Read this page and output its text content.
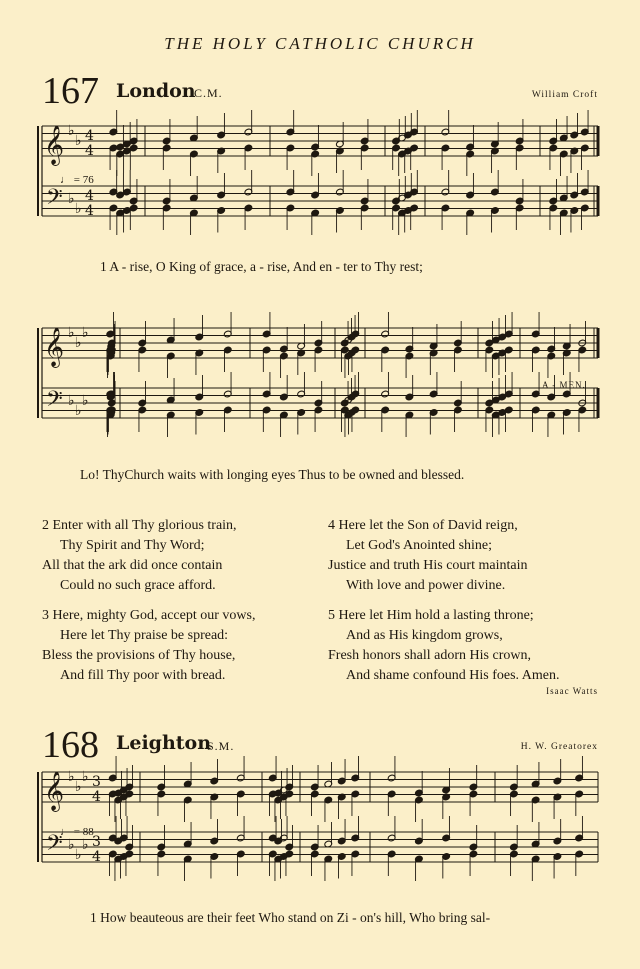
THE HOLY CATHOLIC CHURCH
167 London
C.M.	William Croft
♩ = 76
168 Leighton
S.M.	H. W. Greatorex
♩ = 88
𝄞
𝄢
♭
♭
♭
♭
4
4
4
4
𝄞
𝄢
♭
♭
♭
♭
♭
♭
𝄞
𝄢
♭
♭
♭
♭
♭
♭
3
4
3
4
1 A - rise, O King of grace, a - rise, And en - ter to Thy rest;
Lo! ThyChurch waits with longing eyes Thus to be owned and blessed.
A - MEN.
2 Enter with all Thy glorious train,
Thy Spirit and Thy Word;
All that the ark did once contain
Could no such grace afford.
3 Here, mighty God, accept our vows,
Here let Thy praise be spread:
Bless the provisions of Thy house,
And fill Thy poor with bread.
4 Here let the Son of David reign,
Let God's Anointed shine;
Justice and truth His court maintain
With love and power divine.
5 Here let Him hold a lasting throne;
And as His kingdom grows,
Fresh honors shall adorn His crown,
And shame confound His foes. Amen.
Isaac Watts
1 How beauteous are their feet Who stand on Zi - on's hill, Who bring sal-
